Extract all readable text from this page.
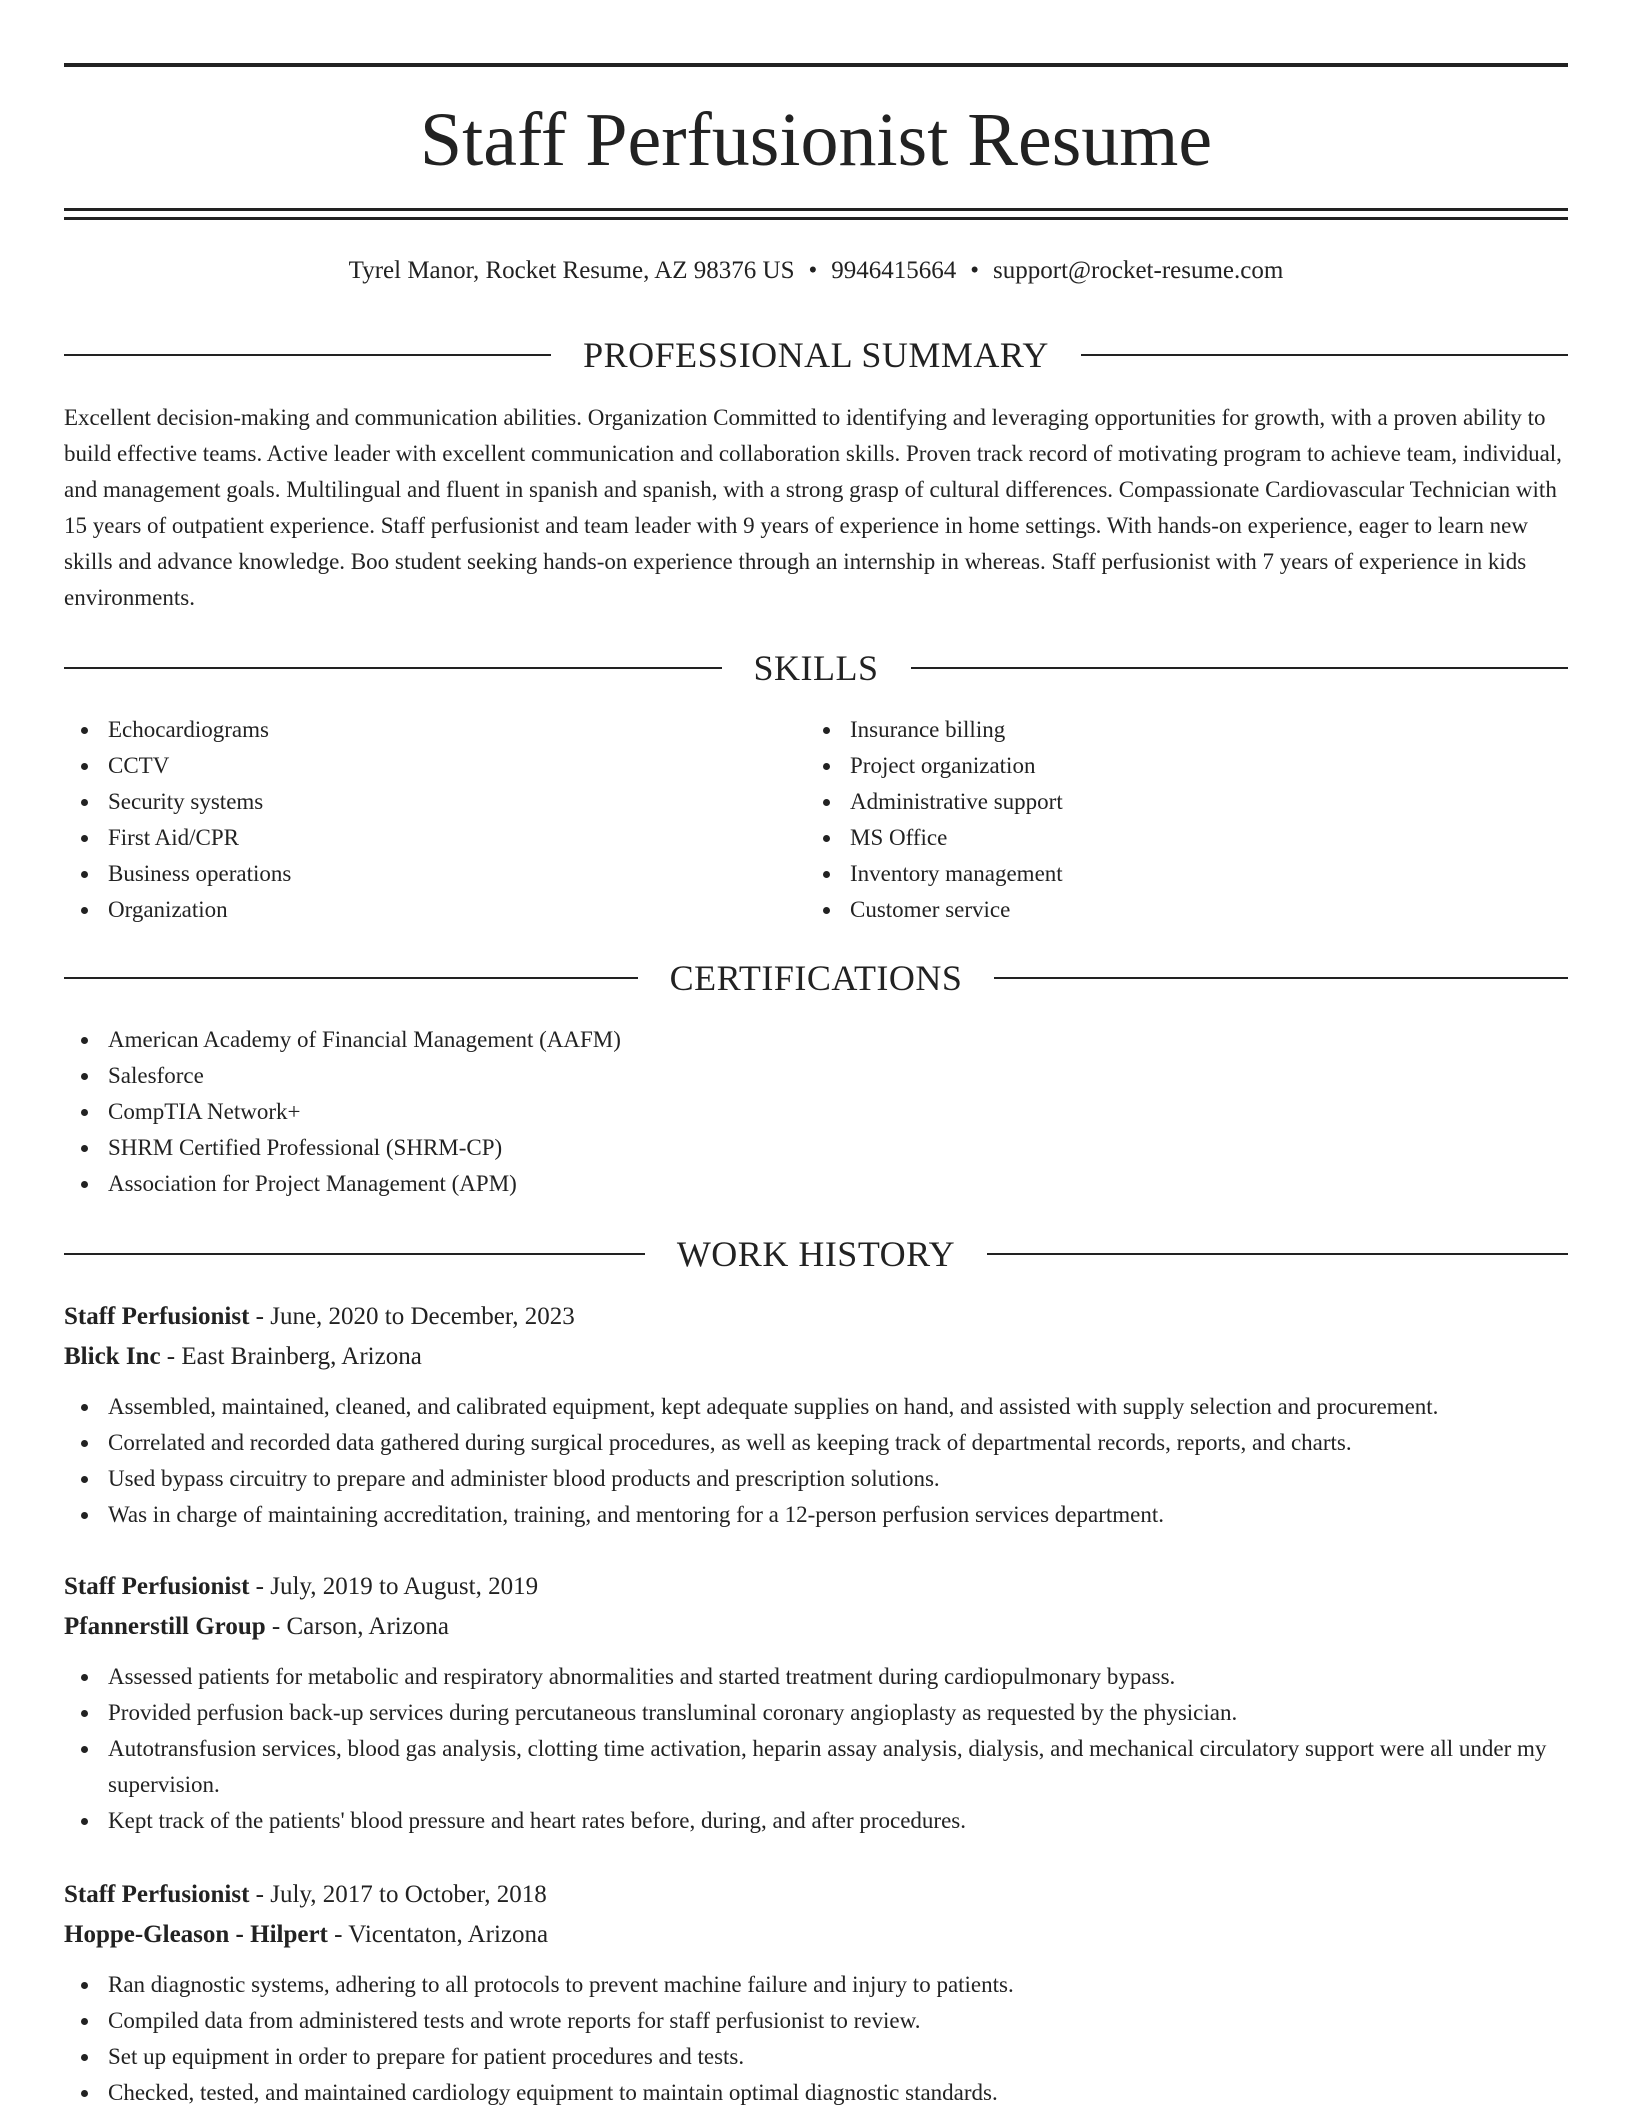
Staff Perfusionist Resume
Tyrel Manor, Rocket Resume, AZ 98376 US • 9946415664 • support@rocket-resume.com
PROFESSIONAL SUMMARY

Excellent decision-making and communication abilities. Organization Committed to identifying and leveraging opportunities for growth, with a proven ability to build effective teams. Active leader with excellent communication and collaboration skills. Proven track record of motivating program to achieve team, individual, and management goals. Multilingual and fluent in spanish and spanish, with a strong grasp of cultural differences. Compassionate Cardiovascular Technician with 15 years of outpatient experience. Staff perfusionist and team leader with 9 years of experience in home settings. With hands-on experience, eager to learn new skills and advance knowledge. Boo student seeking hands-on experience through an internship in whereas. Staff perfusionist with 7 years of experience in kids environments.

SKILLS
Echocardiograms
CCTV
Security systems
First Aid/CPR
Business operations
Organization
Insurance billing
Project organization
Administrative support
MS Office
Inventory management
Customer service
CERTIFICATIONS
American Academy of Financial Management (AAFM)
Salesforce
CompTIA Network+
SHRM Certified Professional (SHRM-CP)
Association for Project Management (APM)
WORK HISTORY
Staff Perfusionist - June, 2020 to December, 2023
Blick Inc - East Brainberg, Arizona
Assembled, maintained, cleaned, and calibrated equipment, kept adequate supplies on hand, and assisted with supply selection and procurement.
Correlated and recorded data gathered during surgical procedures, as well as keeping track of departmental records, reports, and charts.
Used bypass circuitry to prepare and administer blood products and prescription solutions.
Was in charge of maintaining accreditation, training, and mentoring for a 12-person perfusion services department.
Staff Perfusionist - July, 2019 to August, 2019
Pfannerstill Group - Carson, Arizona
Assessed patients for metabolic and respiratory abnormalities and started treatment during cardiopulmonary bypass.
Provided perfusion back-up services during percutaneous transluminal coronary angioplasty as requested by the physician.
Autotransfusion services, blood gas analysis, clotting time activation, heparin assay analysis, dialysis, and mechanical circulatory support were all under my supervision.
Kept track of the patients' blood pressure and heart rates before, during, and after procedures.
Staff Perfusionist - July, 2017 to October, 2018
Hoppe-Gleason - Hilpert - Vicentaton, Arizona
Ran diagnostic systems, adhering to all protocols to prevent machine failure and injury to patients.
Compiled data from administered tests and wrote reports for staff perfusionist to review.
Set up equipment in order to prepare for patient procedures and tests.
Checked, tested, and maintained cardiology equipment to maintain optimal diagnostic standards.
